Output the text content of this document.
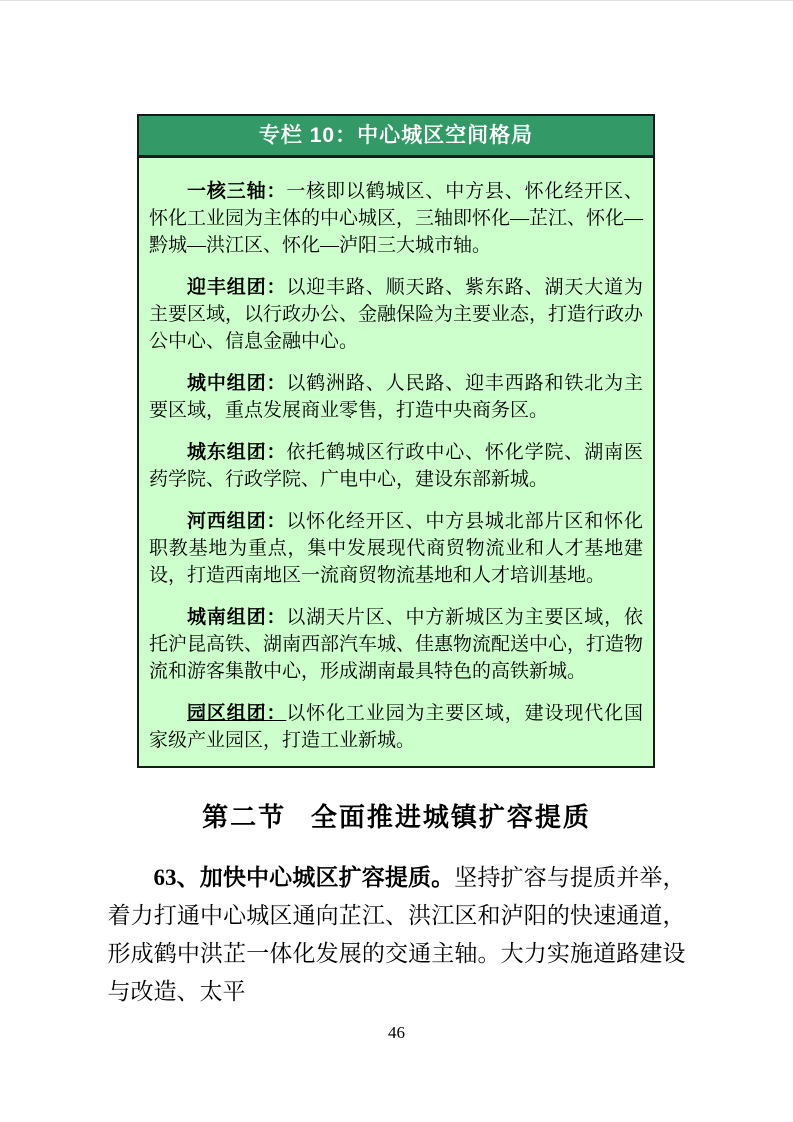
专栏 10：中心城区空间格局

一核三轴：一核即以鹤城区、中方县、怀化经开区、怀化工业园为主体的中心城区，三轴即怀化—芷江、怀化—黔城—洪江区、怀化—泸阳三大城市轴。

迎丰组团：以迎丰路、顺天路、紫东路、湖天大道为主要区域，以行政办公、金融保险为主要业态，打造行政办公中心、信息金融中心。

城中组团：以鹤洲路、人民路、迎丰西路和铁北为主要区域，重点发展商业零售，打造中央商务区。

城东组团：依托鹤城区行政中心、怀化学院、湖南医药学院、行政学院、广电中心，建设东部新城。

河西组团：以怀化经开区、中方县城北部片区和怀化职教基地为重点，集中发展现代商贸物流业和人才基地建设，打造西南地区一流商贸物流基地和人才培训基地。

城南组团：以湖天片区、中方新城区为主要区域，依托沪昆高铁、湖南西部汽车城、佳惠物流配送中心，打造物流和游客集散中心，形成湖南最具特色的高铁新城。

园区组团：以怀化工业园为主要区域，建设现代化国家级产业园区，打造工业新城。

第二节 全面推进城镇扩容提质

63、加快中心城区扩容提质。坚持扩容与提质并举，着力打通中心城区通向芷江、洪江区和泸阳的快速通道，形成鹤中洪芷一体化发展的交通主轴。大力实施道路建设与改造、太平

46
